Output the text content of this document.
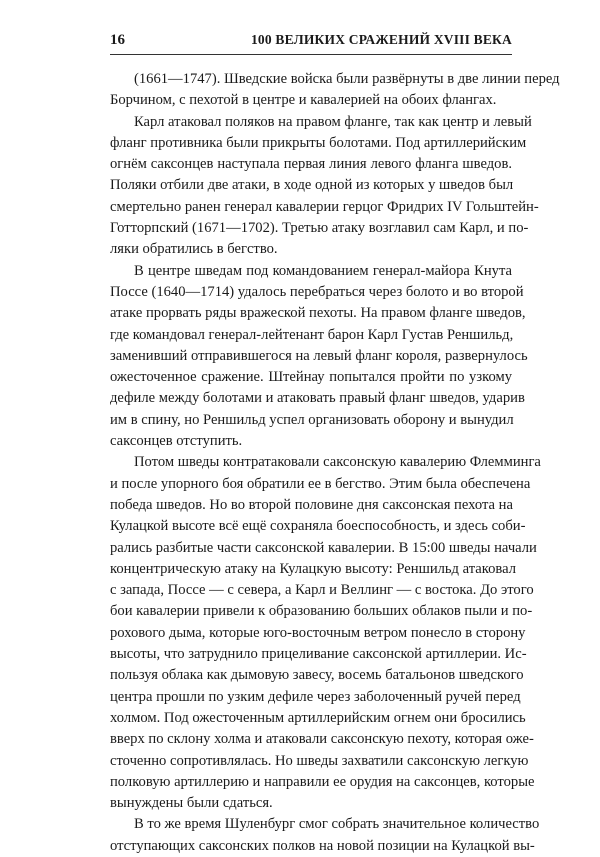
16	100 ВЕЛИКИХ СРАЖЕНИЙ XVIII ВЕКА

(1661—1747). Шведские войска были развёрнуты в две линии перед
Борчином, с пехотой в центре и кавалерией на обоих флангах.

Карл атаковал поляков на правом фланге, так как центр и левый
фланг противника были прикрыты болотами. Под артиллерийским
огнём саксонцев наступала первая линия левого фланга шведов.
Поляки отбили две атаки, в ходе одной из которых у шведов был
смертельно ранен генерал кавалерии герцог Фридрих IV Гольштейн-
Готторпский (1671—1702). Третью атаку возглавил сам Карл, и по-
ляки обратились в бегство.

В центре шведам под командованием генерал-майора Кнута
Поссе (1640—1714) удалось перебраться через болото и во второй
атаке прорвать ряды вражеской пехоты. На правом фланге шведов,
где командовал генерал-лейтенант барон Карл Густав Реншильд,
заменивший отправившегося на левый фланг короля, развернулось
ожесточенное сражение. Штейнау попытался пройти по узкому
дефиле между болотами и атаковать правый фланг шведов, ударив
им в спину, но Реншильд успел организовать оборону и вынудил
саксонцев отступить.

Потом шведы контратаковали саксонскую кавалерию Флемминга
и после упорного боя обратили ее в бегство. Этим была обеспечена
победа шведов. Но во второй половине дня саксонская пехота на
Кулацкой высоте всё ещё сохраняла боеспособность, и здесь соби-
рались разбитые части саксонской кавалерии. В 15:00 шведы начали
концентрическую атаку на Кулацкую высоту: Реншильд атаковал
с запада, Поссе — с севера, а Карл и Веллинг — с востока. До этого
бои кавалерии привели к образованию больших облаков пыли и по-
рохового дыма, которые юго-восточным ветром понесло в сторону
высоты, что затруднило прицеливание саксонской артиллерии. Ис-
пользуя облака как дымовую завесу, восемь батальонов шведского
центра прошли по узким дефиле через заболоченный ручей перед
холмом. Под ожесточенным артиллерийским огнем они бросились
вверх по склону холма и атаковали саксонскую пехоту, которая оже-
сточенно сопротивлялась. Но шведы захватили саксонскую легкую
полковую артиллерию и направили ее орудия на саксонцев, которые
вынуждены были сдаться.

В то же время Шуленбург смог собрать значительное количество
отступающих саксонских полков на новой позиции на Кулацкой вы-
